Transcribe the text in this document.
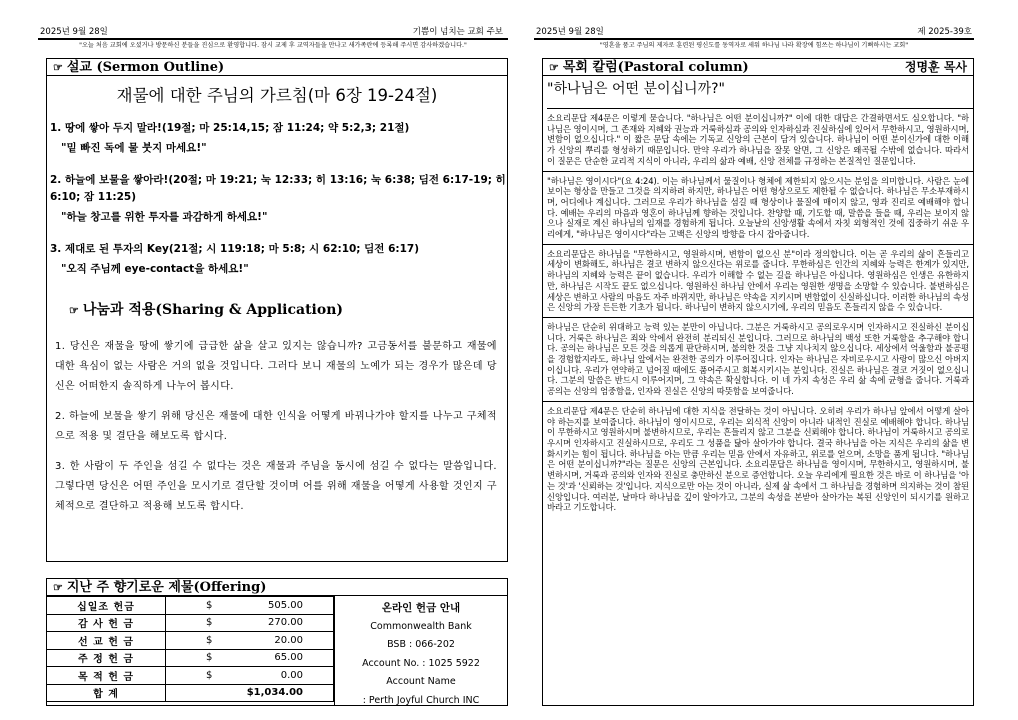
2025년 9월 28일	기쁨이 넘치는 교회 주보
"오늘 처음 교회에 오셨거나 방문하신 분들을 진심으로 환영합니다. 잠시 교제 후 교역자들을 만나고 새가족란에 등록해 주시면 감사하겠습니다."
☞ 설교 (Sermon Outline)
재물에 대한 주님의 가르침(마 6장 19-24절)
1. 땅에 쌓아 두지 말라!(19절; 마 25:14,15; 잠 11:24; 약 5:2,3; 21절)
"밑 빠진 독에 물 붓지 마세요!"
2. 하늘에 보물을 쌓아라!(20절; 마 19:21; 눅 12:33; 히 13:16; 눅 6:38; 딤전 6:17-19; 히 6:10; 잠 11:25)
"하늘 창고를 위한 투자를 과감하게 하세요!"
3. 제대로 된 투자의 Key(21절; 시 119:18; 마 5:8; 시 62:10; 딤전 6:17)
"오직 주님께 eye-contact을 하세요!"
☞ 나눔과 적용(Sharing & Application)
1. 당신은 재물을 땅에 쌓기에 급급한 삶을 살고 있지는 않습니까? 고금동서를 불문하고 재물에 대한 욕심이 없는 사람은 거의 없을 것입니다. 그러다 보니 재물의 노예가 되는 경우가 많은데 당신은 어떠한지 솔직하게 나누어 봅시다.
2. 하늘에 보물을 쌓기 위해 당신은 재물에 대한 인식을 어떻게 바꿔나가야 할지를 나누고 구체적으로 적용 및 결단을 해보도록 합시다.
3. 한 사람이 두 주인을 섬길 수 없다는 것은 재물과 주님을 동시에 섬길 수 없다는 말씀입니다. 그렇다면 당신은 어떤 주인을 모시기로 결단할 것이며 어를 위해 재물을 어떻게 사용할 것인지 구체적으로 결단하고 적용해 보도록 합시다.
☞ 지난 주 향기로운 제물(Offering)
십일조 헌금	$	505.00
감 사 헌 금	$	270.00
선 교 헌 금	$	20.00
주 정 헌 금	$	65.00
목 적 헌 금	$	0.00
합 계		$1,034.00
온라인 헌금 안내
Commonwealth Bank
BSB : 066-202
Account No. : 1025 5922
Account Name
: Perth Joyful Church INC
2025년 9월 28일	제 2025-39호
"영혼을 품고 주님의 제자로 훈련된 평신도를 동역자로 세워 하나님 나라 확장에 힘쓰는 하나님이 기뻐하시는 교회"
☞ 목회 칼럼(Pastoral column)	정명훈 목사
"하나님은 어떤 분이십니까?"
소요리문답 제4문은 이렇게 묻습니다. "하나님은 어떤 분이십니까?" 이에 대한 대답은 간결하면서도 심오합니다. "하나님은 영이시며, 그 존재와 지혜와 권능과 거룩하심과 공의와 인자하심과 진실하심에 있어서 무한하시고, 영원하시며, 변함이 없으십니다." 이 짧은 문답 속에는 기독교 신앙의 근본이 담겨 있습니다. 하나님이 어떤 분이신가에 대한 이해가 신앙의 뿌리를 형성하기 때문입니다. 만약 우리가 하나님을 잘못 알면, 그 신앙은 왜곡될 수밖에 없습니다. 따라서 이 질문은 단순한 교리적 지식이 아니라, 우리의 삶과 예배, 신앙 전체를 규정하는 본질적인 질문입니다.
"하나님은 영이시다"(요 4:24). 이는 하나님께서 물질이나 형체에 제한되지 않으시는 분임을 의미합니다. 사람은 눈에 보이는 형상을 만들고 그것을 의지하려 하지만, 하나님은 어떤 형상으로도 제한될 수 없습니다. 하나님은 무소부재하시며, 어디에나 계십니다. 그러므로 우리가 하나님을 섬길 때 형상이나 물질에 매이지 않고, 영과 진리로 예배해야 합니다. 예배는 우리의 마음과 영혼이 하나님께 향하는 것입니다. 찬양할 때, 기도할 때, 말씀을 들을 때, 우리는 보이지 않으나 실재로 계신 하나님의 임재를 경험하게 됩니다. 오늘날의 신앙생활 속에서 자칫 외형적인 것에 집중하기 쉬운 우리에게, "하나님은 영이시다"라는 고백은 신앙의 방향을 다시 잡아줍니다.
소요리문답은 하나님을 "무한하시고, 영원하시며, 변함이 없으신 분"이라 정의합니다. 이는 곧 우리의 삶이 흔들리고 세상이 변화해도, 하나님은 결코 변하지 않으신다는 위로를 줍니다. 무한하심은 인간의 지혜와 능력은 한계가 있지만, 하나님의 지혜와 능력은 끝이 없습니다. 우리가 이해할 수 없는 길을 하나님은 아십니다. 영원하심은 인생은 유한하지만, 하나님은 시작도 끝도 없으십니다. 영원하신 하나님 안에서 우리는 영원한 생명을 소망할 수 있습니다. 불변하심은 세상은 변하고 사람의 마음도 자주 바뀌지만, 하나님은 약속을 지키시며 변함없이 신실하십니다. 이러한 하나님의 속성은 신앙의 가장 든든한 기초가 됩니다. 하나님이 변하지 않으시기에, 우리의 믿음도 흔들리지 않을 수 있습니다.
하나님은 단순히 위대하고 능력 있는 분만이 아닙니다. 그분은 거룩하시고 공의로우시며 인자하시고 진실하신 분이십니다. 거룩은 하나님은 죄와 악에서 완전히 분리되신 분입니다. 그러므로 하나님의 백성 또한 거룩함을 추구해야 합니다. 공의는 하나님은 모든 것을 의롭게 판단하시며, 불의한 것을 그냥 지나치지 않으십니다. 세상에서 억울함과 불공평을 경험할지라도, 하나님 앞에서는 완전한 공의가 이루어집니다. 인자는 하나님은 자비로우시고 사랑이 많으신 아버지이십니다. 우리가 연약하고 넘어질 때에도 품어주시고 회복시키시는 분입니다. 진실은 하나님은 결코 거짓이 없으십니다. 그분의 말씀은 반드시 이루어지며, 그 약속은 확실합니다. 이 네 가지 속성은 우리 삶 속에 균형을 줍니다. 거룩과 공의는 신앙의 엄중함을, 인자와 진실은 신앙의 따뜻함을 보여줍니다.
소요리문답 제4문은 단순히 하나님에 대한 지식을 전달하는 것이 아닙니다. 오히려 우리가 하나님 앞에서 어떻게 살아야 하는지를 보여줍니다. 하나님이 영이시므로, 우리는 외식적 신앙이 아니라 내적인 진실로 예배해야 합니다. 하나님이 무한하시고 영원하시며 불변하시므로, 우리는 흔들리지 않고 그분을 신뢰해야 합니다. 하나님이 거룩하시고 공의로우시며 인자하시고 진실하시므로, 우리도 그 성품을 닮아 살아가야 합니다. 결국 하나님을 아는 지식은 우리의 삶을 변화시키는 힘이 됩니다. 하나님을 아는 만큼 우리는 믿음 안에서 자유하고, 위로를 얻으며, 소망을 품게 됩니다. "하나님은 어떤 분이십니까?"라는 질문은 신앙의 근본입니다. 소요리문답은 하나님을 영이시며, 무한하시고, 영원하시며, 불변하시며, 거룩과 공의와 인자와 진실로 충만하신 분으로 증언합니다. 오늘 우리에게 필요한 것은 바로 이 하나님을 '아는 것'과 '신뢰하는 것'입니다. 지식으로만 아는 것이 아니라, 실제 삶 속에서 그 하나님을 경험하며 의지하는 것이 참된 신앙입니다. 여러분, 날마다 하나님을 깊이 알아가고, 그분의 속성을 본받아 살아가는 복된 신앙인이 되시기를 원하고 바라고 기도합니다.
